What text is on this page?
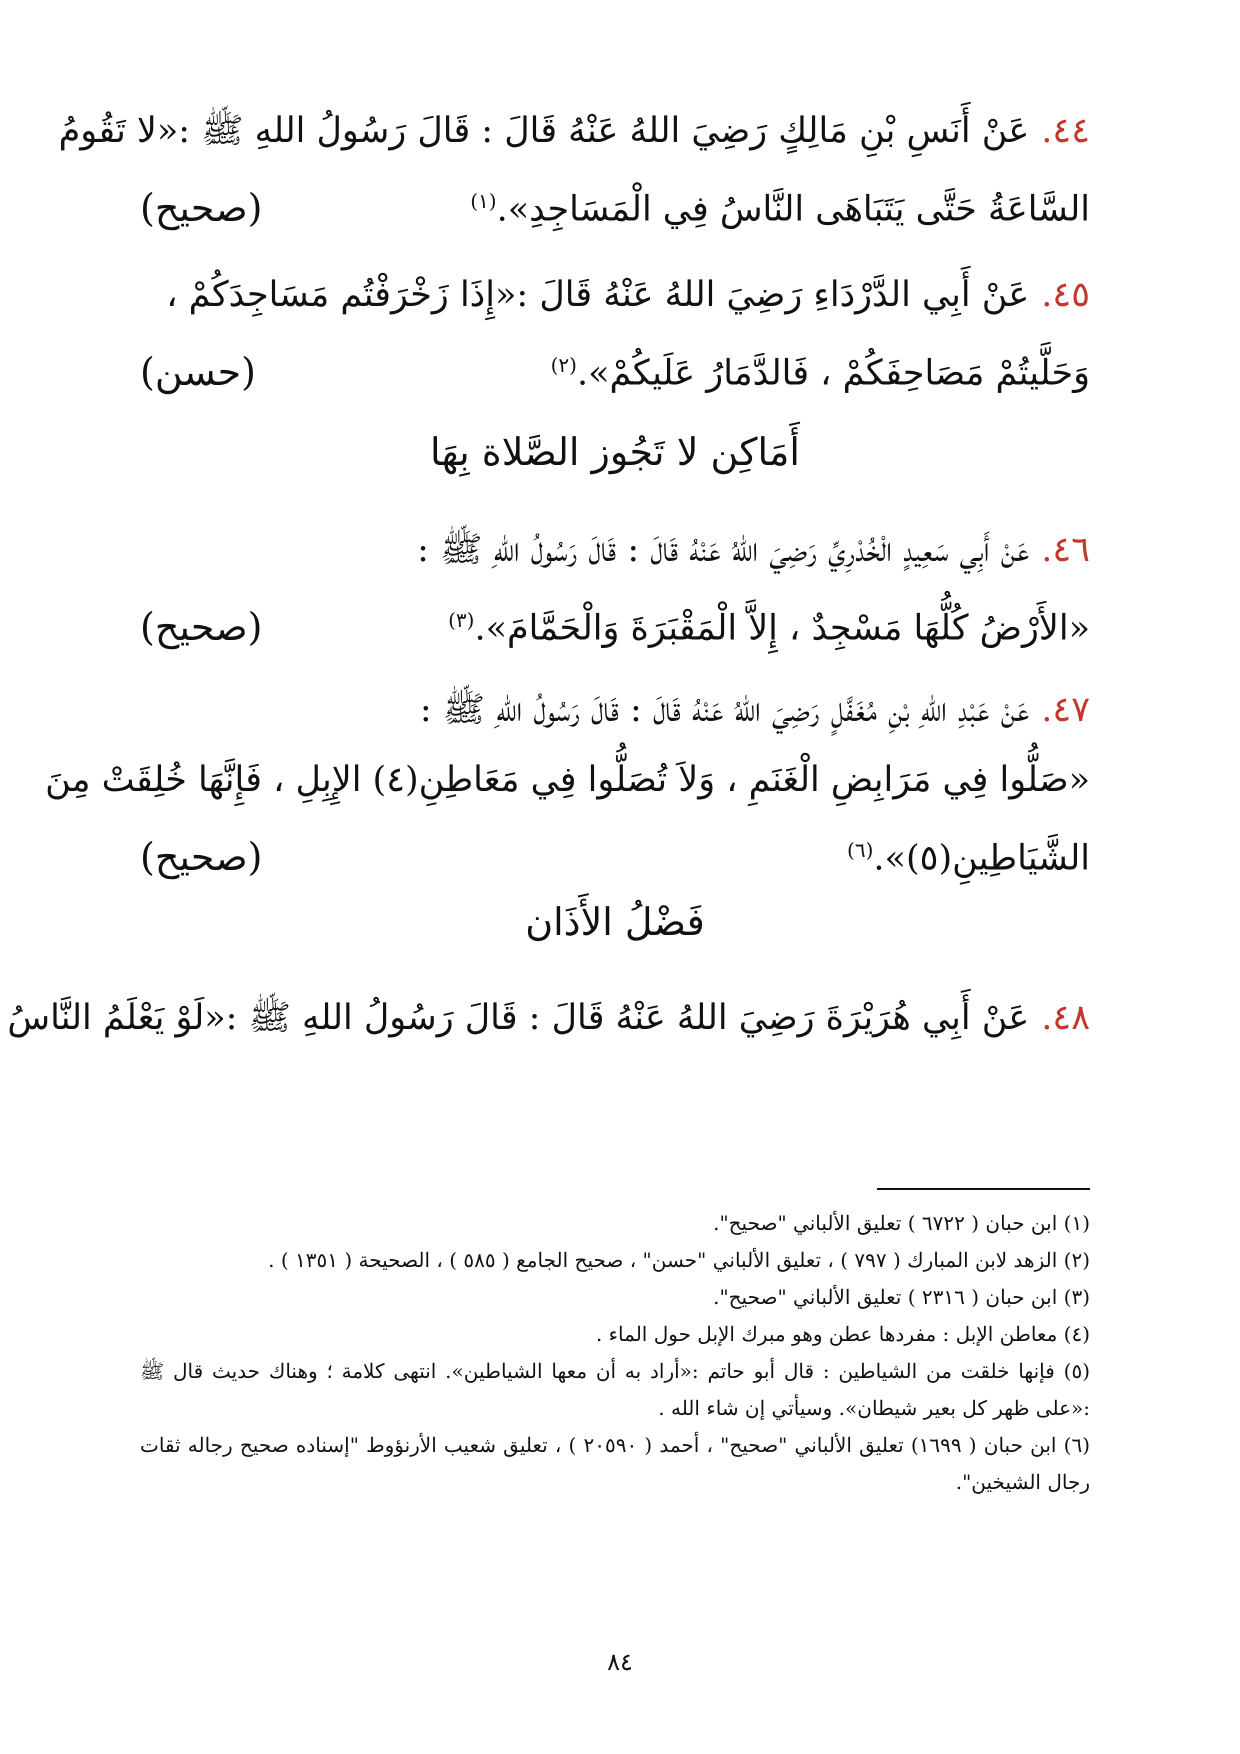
٤٤.عَنْ أَنَسِ بْنِ مَالِكٍ رَضِيَ اللهُ عَنْهُ قَالَ : قَالَ رَسُولُ اللهِ ﷺ :«لا تَقُومُ
السَّاعَةُ حَتَّى يَتَبَاهَى النَّاسُ فِي الْمَسَاجِدِ».$^{(١)}$
(صحيح)
٤٥.عَنْ أَبِي الدَّرْدَاءِ رَضِيَ اللهُ عَنْهُ قَالَ :«إِذَا زَخْرَفْتُم مَسَاجِدَكُمْ ،
وَحَلَّيتُمْ مَصَاحِفَكُمْ ، فَالدَّمَارُ عَلَيكُمْ».$^{(٢)}$
(حسن)
أَمَاكِن لا تَجُوز الصَّلاة بِهَا
٤٦.عَنْ أَبِي سَعِيدٍ الْخُدْرِيِّ رَضِيَ اللهُ عَنْهُ قَالَ : قَالَ رَسُولُ اللهِ ﷺ :
«الأَرْضُ كُلُّهَا مَسْجِدٌ ، إِلاَّ الْمَقْبَرَةَ وَالْحَمَّامَ».$^{(٣)}$
(صحيح)
٤٧.عَنْ عَبْدِ اللهِ بْنِ مُغَفَّلٍ رَضِيَ اللهُ عَنْهُ قَالَ : قَالَ رَسُولُ اللهِ ﷺ :
«صَلُّوا فِي مَرَابِضِ الْغَنَمِ ، وَلاَ تُصَلُّوا فِي مَعَاطِنِ(٤) الإِبِلِ ، فَإِنَّهَا خُلِقَتْ مِنَ
الشَّيَاطِينِ(٥)».$^{(٦)}$
(صحيح)
فَضْلُ الأَذَان
٤٨.عَنْ أَبِي هُرَيْرَةَ رَضِيَ اللهُ عَنْهُ قَالَ : قَالَ رَسُولُ اللهِ ﷺ :«لَوْ يَعْلَمُ النَّاسُ

(١) ابن حبان ( ٦٧٢٢ ) تعليق الألباني "صحيح".

(٢) الزهد لابن المبارك ( ٧٩٧ ) ، تعليق الألباني "حسن" ، صحيح الجامع ( ٥٨٥ ) ، الصحيحة ( ١٣٥١ ) .

(٣) ابن حبان ( ٢٣١٦ ) تعليق الألباني "صحيح".

(٤) معاطن الإبل : مفردها عطن وهو مبرك الإبل حول الماء .

(٥) فإنها خلقت من الشياطين : قال أبو حاتم :«أراد به أن معها الشياطين». انتهى كلامة ؛ وهناك حديث قال ﷺ :«على ظهر كل بعير شيطان». وسيأتي إن شاء الله .

(٦) ابن حبان ( ١٦٩٩) تعليق الألباني "صحيح" ، أحمد ( ٢٠٥٩٠ ) ، تعليق شعيب الأرنؤوط "إسناده صحيح رجاله ثقات رجال الشيخين".

٨٤
